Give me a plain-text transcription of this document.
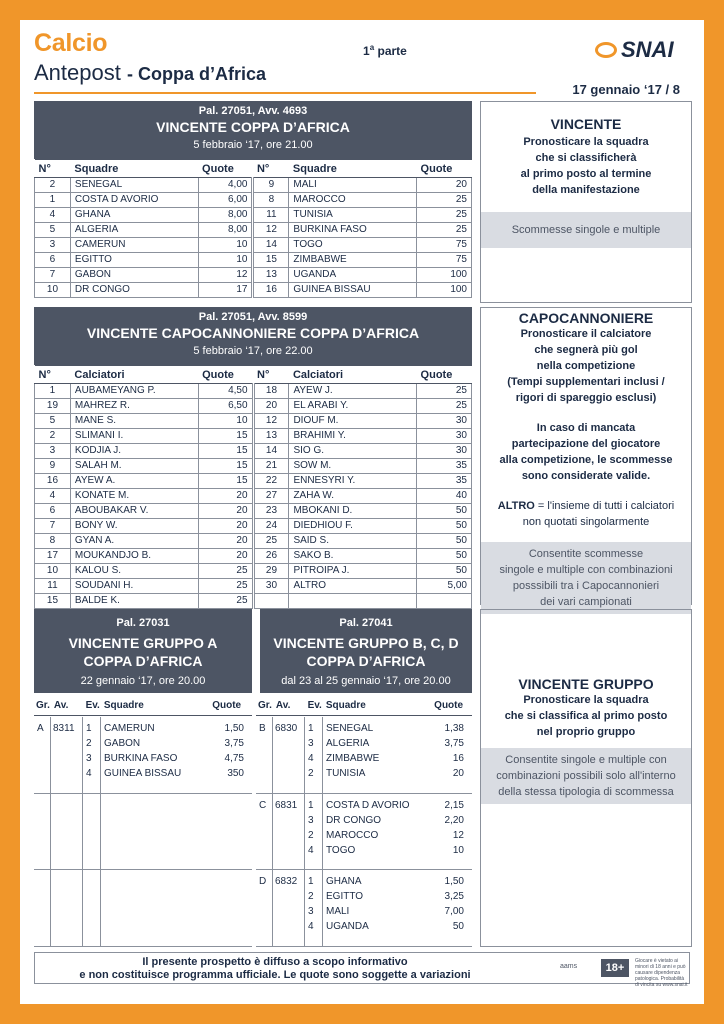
Calcio
Antepost - Coppa d’Africa
1$^a$ parte	SNAI
17 gennaio ‘17 / 8
Pal. 27051, Avv. 4693
VINCENTE COPPA D’AFRICA
5 febbraio ‘17, ore 21.00
N°	Squadre	Quote	N°	Squadre	Quote
2	SENEGAL	4,00	9	MALI	20
1	COSTA D AVORIO	6,00	8	MAROCCO	25
4	GHANA	8,00	11	TUNISIA	25
5	ALGERIA	8,00	12	BURKINA FASO	25
3	CAMERUN	10	14	TOGO	75
6	EGITTO	10	15	ZIMBABWE	75
7	GABON	12	13	UGANDA	100
10	DR CONGO	17	16	GUINEA BISSAU	100
Pal. 27051, Avv. 8599
VINCENTE CAPOCANNONIERE COPPA D’AFRICA
5 febbraio ‘17, ore 22.00
N°	Calciatori	Quote	N°	Calciatori	Quote
1	AUBAMEYANG P.	4,50	18	AYEW J.	25
19	MAHREZ R.	6,50	20	EL ARABI Y.	25
5	MANE S.	10	12	DIOUF M.	30
2	SLIMANI I.	15	13	BRAHIMI Y.	30
3	KODJIA J.	15	14	SIO G.	30
9	SALAH M.	15	21	SOW M.	35
16	AYEW A.	15	22	ENNESYRI Y.	35
4	KONATE M.	20	27	ZAHA W.	40
6	ABOUBAKAR V.	20	23	MBOKANI D.	50
7	BONY W.	20	24	DIEDHIOU F.	50
8	GYAN A.	20	25	SAID S.	50
17	MOUKANDJO B.	20	26	SAKO B.	50
10	KALOU S.	25	29	PITROIPA J.	50
11	SOUDANI H.	25	30	ALTRO	5,00
15	BALDE K.	25			
Pal. 27031
VINCENTE GRUPPO A
COPPA D’AFRICA
22 gennaio ‘17, ore 20.00
Pal. 27041
VINCENTE GRUPPO B, C, D
COPPA D’AFRICA
dal 23 al 25 gennaio ‘17, ore 20.00
Gr.	Av.	Ev.	Squadre	Quote
A 8311 1 CAMERUN	1,50
2 GABON	3,75
3 BURKINA FASO	4,75
4 GUINEA BISSAU	350
Gr.	Av.	Ev.	Squadre	Quote
B 6830 1 SENEGAL	1,38
3 ALGERIA	3,75
4 ZIMBABWE	16
2 TUNISIA	20
C 6831 1 COSTA D AVORIO	2,15
3 DR CONGO	2,20
2 MAROCCO	12
4 TOGO	10
D 6832 1 GHANA	1,50
2 EGITTO	3,25
3 MALI	7,00
4 UGANDA	50
VINCENTE

Pronosticare la squadra
che si classificherà
al primo posto al termine
della manifestazione

Scommesse singole e multiple
CAPOCANNONIERE

Pronosticare il calciatore
che segnerà più gol
nella competizione
(Tempi supplementari inclusi /
rigori di spareggio esclusi)

In caso di mancata
partecipazione del giocatore
alla competizione, le scommesse
sono considerate valide.

ALTRO = l'insieme di tutti i calciatori
non quotati singolarmente

Consentite scommesse
singole e multiple con combinazioni
posssibili tra i Capocannonieri
dei vari campionati
VINCENTE GRUPPO

Pronosticare la squadra
che si classifica al primo posto
nel proprio gruppo

Consentite singole e multiple con
combinazioni possibili solo all'interno
della stessa tipologia di scommessa
Il presente prospetto è diffuso a scopo informativo
e non costituisce programma ufficiale. Le quote sono soggette a variazioni
aams	18+
Giocare è vietato ai minori di 18 anni e può causare dipendenza patologica. Probabilità di vincita su www.snai.it
